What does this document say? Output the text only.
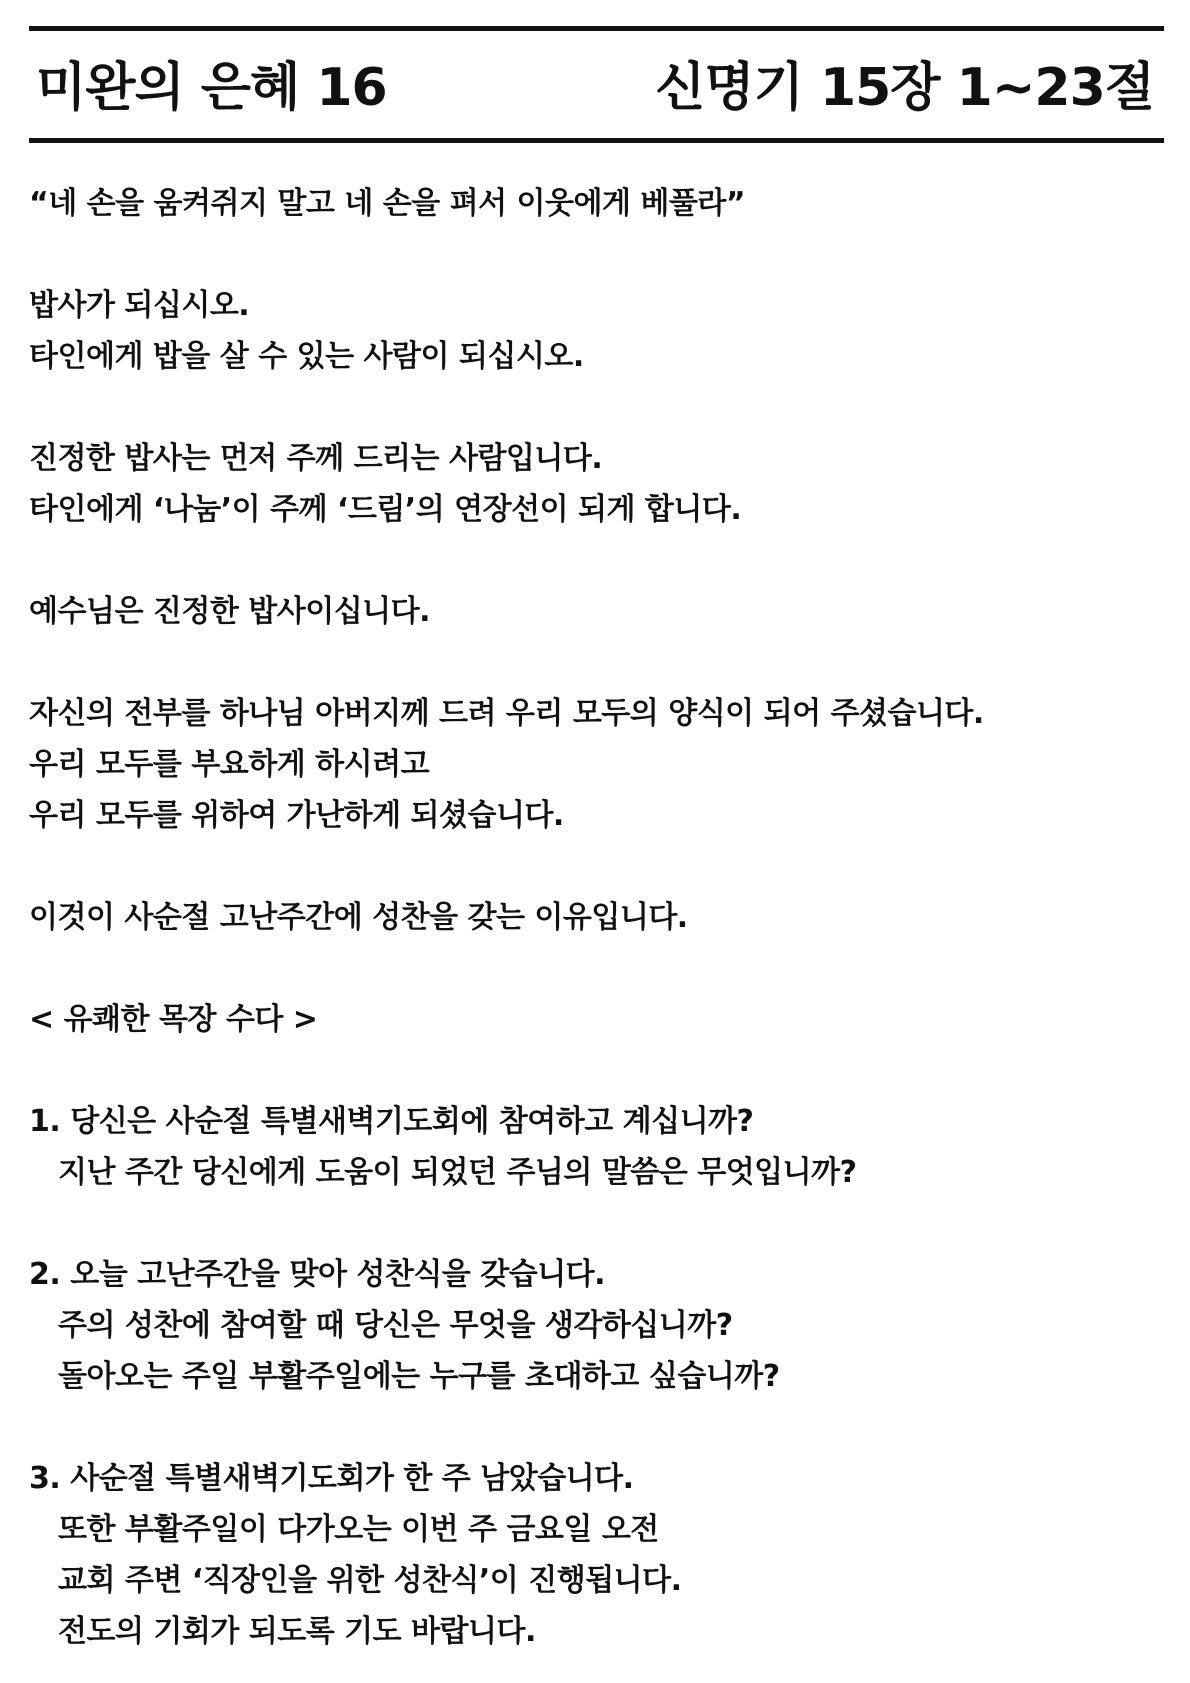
미완의 은혜 16	신명기 15장 1~23절
“네 손을 움켜쥐지 말고 네 손을 펴서 이웃에게 베풀라”
밥사가 되십시오.
타인에게 밥을 살 수 있는 사람이 되십시오.
진정한 밥사는 먼저 주께 드리는 사람입니다.
타인에게 ‘나눔’이 주께 ‘드림’의 연장선이 되게 합니다.
예수님은 진정한 밥사이십니다.
자신의 전부를 하나님 아버지께 드려 우리 모두의 양식이 되어 주셨습니다.
우리 모두를 부요하게 하시려고
우리 모두를 위하여 가난하게 되셨습니다.
이것이 사순절 고난주간에 성찬을 갖는 이유입니다.
< 유쾌한 목장 수다 >
1. 당신은 사순절 특별새벽기도회에 참여하고 계십니까?
지난 주간 당신에게 도움이 되었던 주님의 말씀은 무엇입니까?
2. 오늘 고난주간을 맞아 성찬식을 갖습니다.
주의 성찬에 참여할 때 당신은 무엇을 생각하십니까?
돌아오는 주일 부활주일에는 누구를 초대하고 싶습니까?
3. 사순절 특별새벽기도회가 한 주 남았습니다.
또한 부활주일이 다가오는 이번 주 금요일 오전
교회 주변 ‘직장인을 위한 성찬식’이 진행됩니다.
전도의 기회가 되도록 기도 바랍니다.
